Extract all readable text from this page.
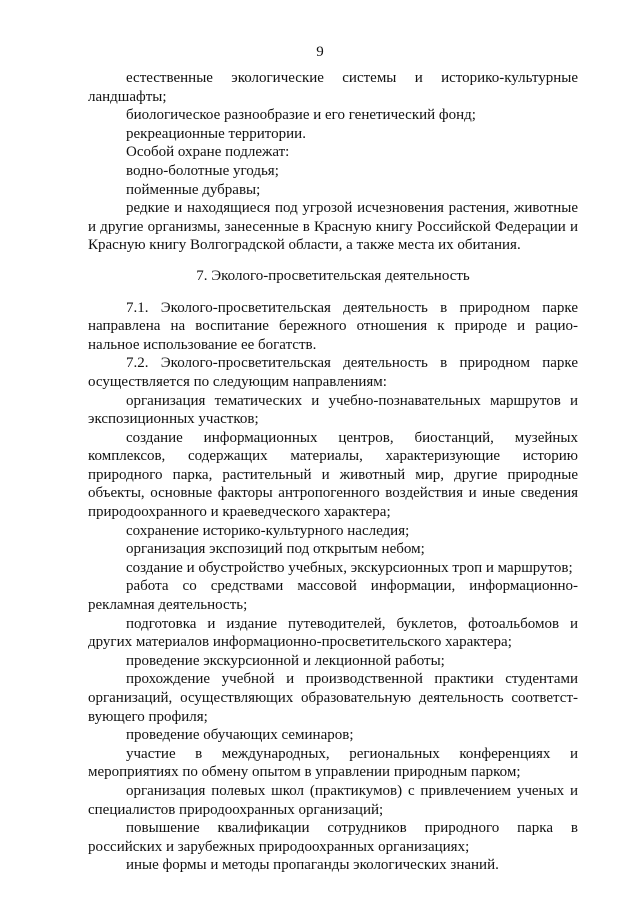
9

естественные экологические системы и историко-культурные ландшафты;

биологическое разнообразие и его генетический фонд;

рекреационные территории.

Особой охране подлежат:

водно-болотные угодья;

пойменные дубравы;

редкие и находящиеся под угрозой исчезновения растения, животные и другие организмы, занесенные в Красную книгу Российской Федерации и Красную книгу Волгоградской области, а также места их обитания.

7. Эколого-просветительская деятельность

7.1. Эколого-просветительская деятельность в природном парке направлена на воспитание бережного отношения к природе и рацио-нальное использование ее богатств.

7.2. Эколого-просветительская деятельность в природном парке осуществляется по следующим направлениям:

организация тематических и учебно-познавательных маршрутов и экспозиционных участков;

создание информационных центров, биостанций, музейных комплексов, содержащих материалы, характеризующие историю природного парка, растительный и животный мир, другие природные объекты, основные факторы антропогенного воздействия и иные сведения природоохранного и краеведческого характера;

сохранение историко-культурного наследия;

организация экспозиций под открытым небом;

создание и обустройство учебных, экскурсионных троп и маршрутов;

работа со средствами массовой информации, информационно-рекламная деятельность;

подготовка и издание путеводителей, буклетов, фотоальбомов и других материалов информационно-просветительского характера;

проведение экскурсионной и лекционной работы;

прохождение учебной и производственной практики студентами организаций, осуществляющих образовательную деятельность соответст-вующего профиля;

проведение обучающих семинаров;

участие в международных, региональных конференциях и мероприятиях по обмену опытом в управлении природным парком;

организация полевых школ (практикумов) с привлечением ученых и специалистов природоохранных организаций;

повышение квалификации сотрудников природного парка в российских и зарубежных природоохранных организациях;

иные формы и методы пропаганды экологических знаний.
